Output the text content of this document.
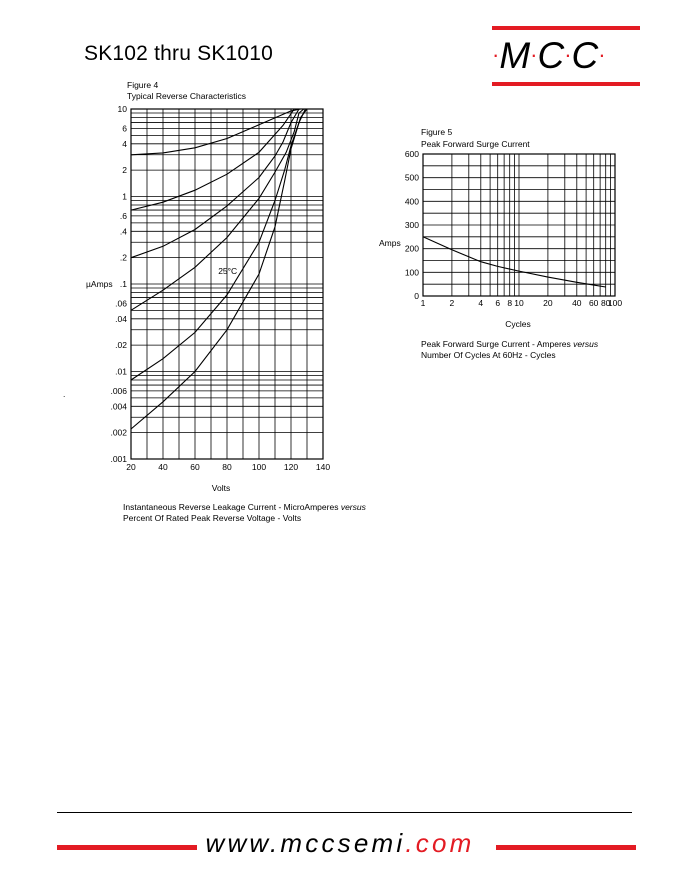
SK102 thru SK1010	·M·C·C·
Figure 4
Typical Reverse Characteristics
Figure 5
Peak Forward Surge Current
.
10
6
4
2
1
.6
.4
.2
.1
.06
.04
.02
.01
.006
.004
.002
.001
20	40	60	80 100 120 140
Volts
µAmps
25°C
0
100
200
300
400
500
600
1	2	4 6 8 10 20 40 60 80
100
Cycles
Amps
Instantaneous Reverse Leakage Current - MicroAmperes versus
Percent Of Rated Peak Reverse Voltage - Volts
Peak Forward Surge Current - Amperes versus
Number Of Cycles At 60Hz - Cycles
www.mccsemi.com
